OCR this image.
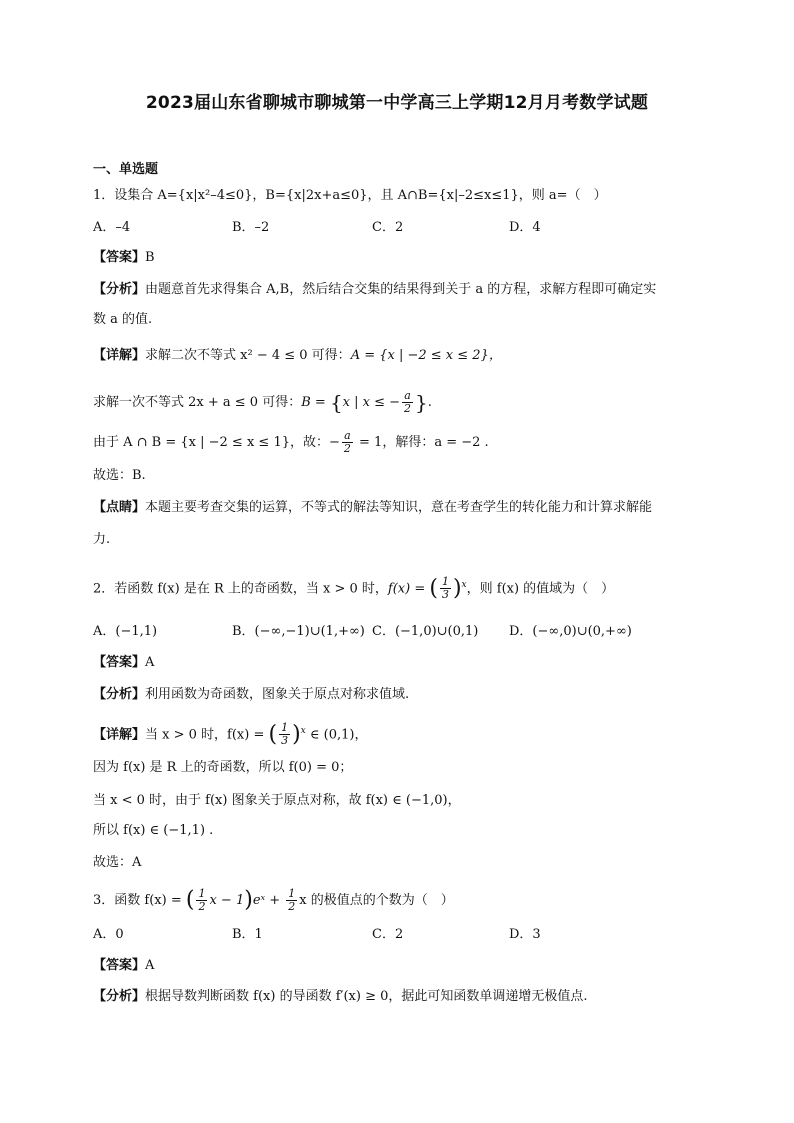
2023届山东省聊城市聊城第一中学高三上学期12月月考数学试题
一、单选题
1．设集合 A={x|x²–4≤0}，B={x|2x+a≤0}，且 A∩B={x|–2≤x≤1}，则 a=（　）
A．–4	B．–2	C．2	D．4
【答案】B
【分析】由题意首先求得集合 A,B，然后结合交集的结果得到关于 a 的方程，求解方程即可确定实
数 a 的值.
【详解】求解二次不等式 x² − 4 ≤ 0 可得：A = {x | −2 ≤ x ≤ 2}，
求解一次不等式 2x + a ≤ 0 可得：B = {x | x ≤ − $\frac{a}{2}$ }.
由于 A ∩ B = {x | −2 ≤ x ≤ 1}，故：− $\frac{a}{2} = 1$，解得：a = −2 .
故选：B.
【点睛】本题主要考查交集的运算，不等式的解法等知识，意在考查学生的转化能力和计算求解能
力.
2．若函数 f(x) 是在 R 上的奇函数，当 x > 0 时，f(x) = ( $\frac{1}{3} )^x$，则 f(x) 的值域为（　）
A．(−1,1)	B．(−∞,−1)∪(1,+∞) C．(−1,0)∪(0,1) D．(−∞,0)∪(0,+∞)
【答案】A
【分析】利用函数为奇函数，图象关于原点对称求值域.
【详解】当 x > 0 时，f(x) = ( $\frac{1}{3} )^x$ ∈ (0,1)，
因为 f(x) 是 R 上的奇函数，所以 f(0) = 0；
当 x < 0 时，由于 f(x) 图象关于原点对称，故 f(x) ∈ (−1,0)，
所以 f(x) ∈ (−1,1) .
故选：A
3．函数 f(x) = ( $\frac{1}{2}$ x − 1)eˣ + $\frac{1}{2}$ x 的极值点的个数为（　）
A．0	B．1	C．2	D．3
【答案】A
【分析】根据导数判断函数 f(x) 的导函数 f′(x) ≥ 0，据此可知函数单调递增无极值点.
